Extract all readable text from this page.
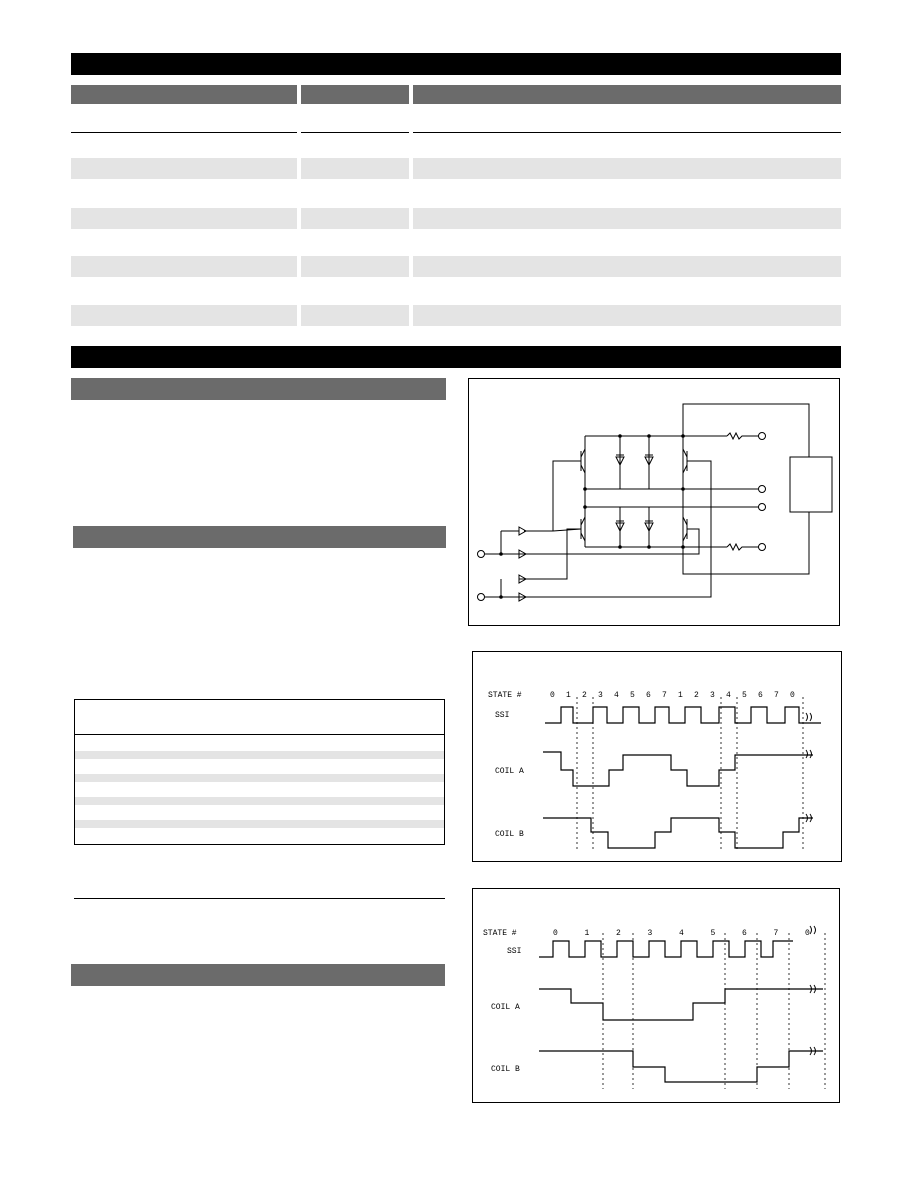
STATE #	0 1 2 3 4 5 6 7 1 2 3 4 5 6 7 0
SSI
COIL A
COIL B
STATE #	0	1	2	3	4	5	6	7	0
SSI
COIL A
COIL B
